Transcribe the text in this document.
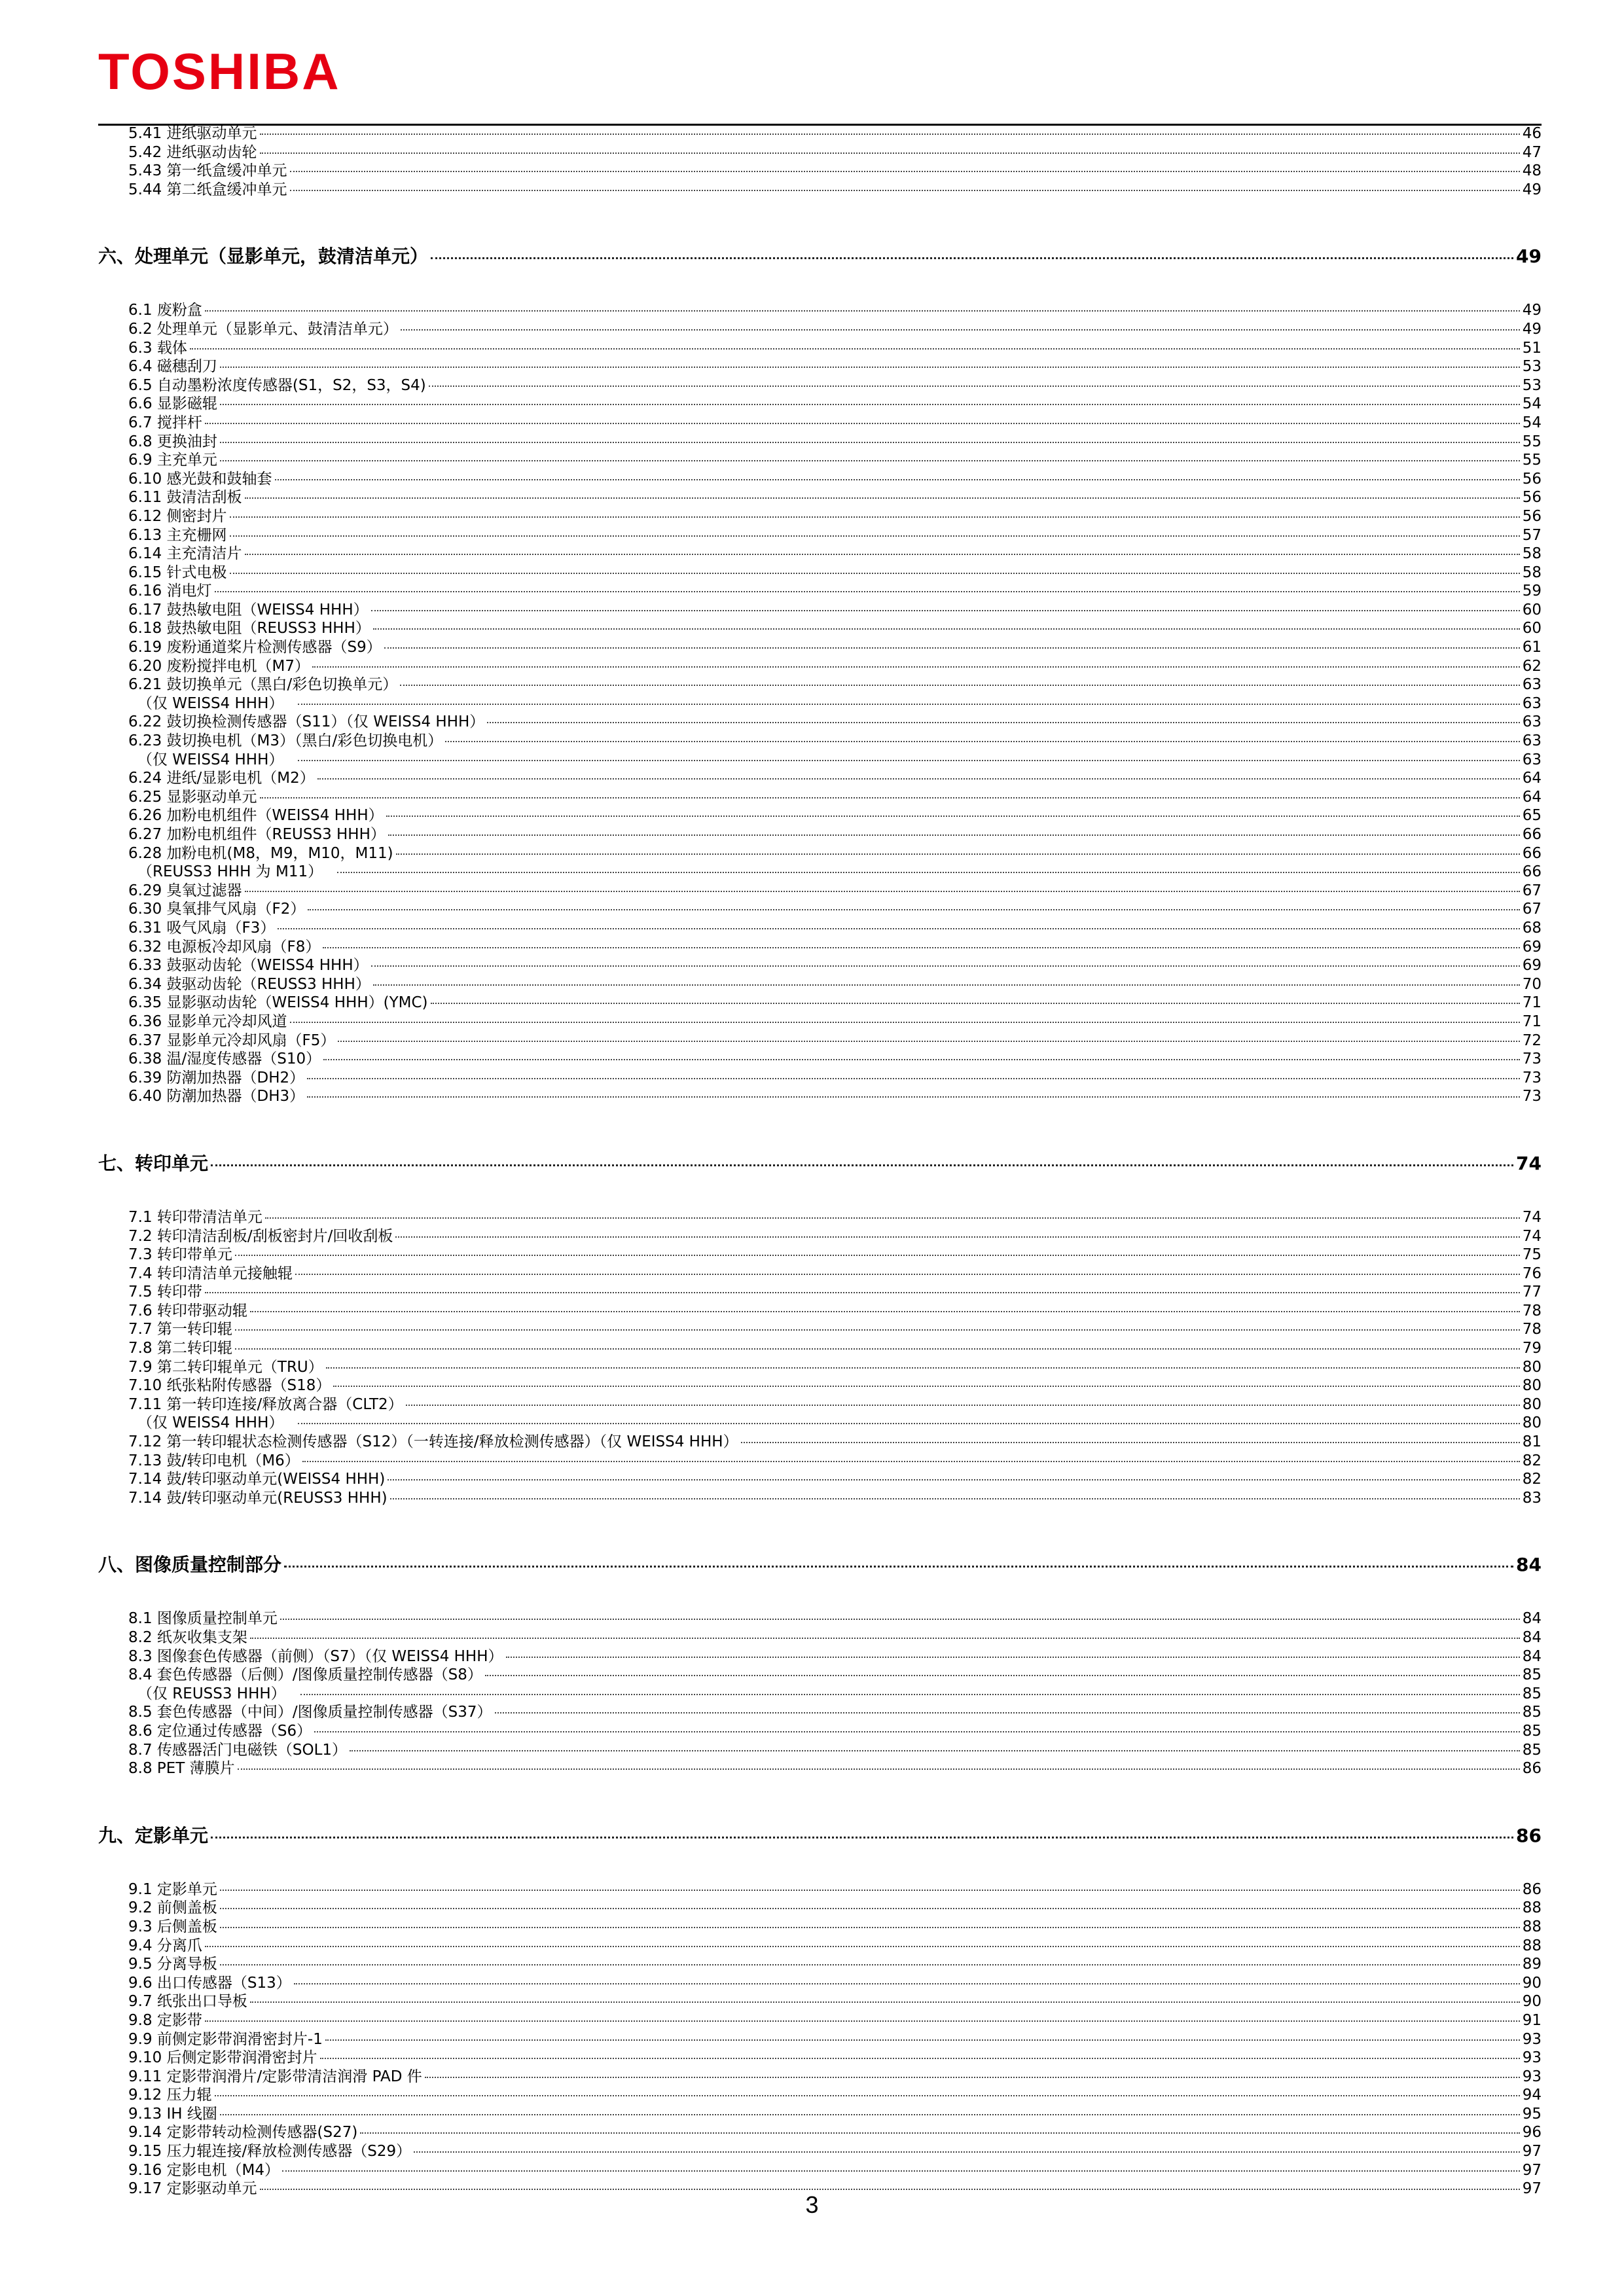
TOSHIBA
5.41 进纸驱动单元	46
5.42 进纸驱动齿轮	47
5.43 第一纸盒缓冲单元	48
5.44 第二纸盒缓冲单元	49
六、处理单元（显影单元，鼓清洁单元）	49
6.1 废粉盒	49
6.2 处理单元（显影单元、鼓清洁单元）	49
6.3 载体	51
6.4 磁穗刮刀	53
6.5 自动墨粉浓度传感器(S1，S2，S3，S4)	53
6.6 显影磁辊	54
6.7 搅拌杆	54
6.8 更换油封	55
6.9 主充单元	55
6.10 感光鼓和鼓轴套	56
6.11 鼓清洁刮板	56
6.12 侧密封片	56
6.13 主充栅网	57
6.14 主充清洁片	58
6.15 针式电极	58
6.16 消电灯	59
6.17 鼓热敏电阻（WEISS4 HHH）	60
6.18 鼓热敏电阻（REUSS3 HHH）	60
6.19 废粉通道桨片检测传感器（S9）	61
6.20 废粉搅拌电机（M7）	62
6.21 鼓切换单元（黑白/彩色切换单元）	63
（仅 WEISS4 HHH）	63
6.22 鼓切换检测传感器（S11）（仅 WEISS4 HHH）	63
6.23 鼓切换电机（M3）（黑白/彩色切换电机）	63
（仅 WEISS4 HHH）	63
6.24 进纸/显影电机（M2）	64
6.25 显影驱动单元	64
6.26 加粉电机组件（WEISS4 HHH）	65
6.27 加粉电机组件（REUSS3 HHH）	66
6.28 加粉电机(M8，M9，M10，M11)	66
（REUSS3 HHH 为 M11）	66
6.29 臭氧过滤器	67
6.30 臭氧排气风扇（F2）	67
6.31 吸气风扇（F3）	68
6.32 电源板冷却风扇（F8）	69
6.33 鼓驱动齿轮（WEISS4 HHH）	69
6.34 鼓驱动齿轮（REUSS3 HHH）	70
6.35 显影驱动齿轮（WEISS4 HHH）(YMC)	71
6.36 显影单元冷却风道	71
6.37 显影单元冷却风扇（F5）	72
6.38 温/湿度传感器（S10）	73
6.39 防潮加热器（DH2）	73
6.40 防潮加热器（DH3）	73
七、转印单元	74
7.1 转印带清洁单元	74
7.2 转印清洁刮板/刮板密封片/回收刮板	74
7.3 转印带单元	75
7.4 转印清洁单元接触辊	76
7.5 转印带	77
7.6 转印带驱动辊	78
7.7 第一转印辊	78
7.8 第二转印辊	79
7.9 第二转印辊单元（TRU）	80
7.10 纸张粘附传感器（S18）	80
7.11 第一转印连接/释放离合器（CLT2）	80
（仅 WEISS4 HHH）	80
7.12 第一转印辊状态检测传感器（S12）（一转连接/释放检测传感器）（仅 WEISS4 HHH）	81
7.13 鼓/转印电机（M6）	82
7.14 鼓/转印驱动单元(WEISS4 HHH)	82
7.14 鼓/转印驱动单元(REUSS3 HHH)	83
八、图像质量控制部分	84
8.1 图像质量控制单元	84
8.2 纸灰收集支架	84
8.3 图像套色传感器（前侧）（S7）（仅 WEISS4 HHH）	84
8.4 套色传感器（后侧）/图像质量控制传感器（S8）	85
（仅 REUSS3 HHH）	85
8.5 套色传感器（中间）/图像质量控制传感器（S37）	85
8.6 定位通过传感器（S6）	85
8.7 传感器活门电磁铁（SOL1）	85
8.8 PET 薄膜片	86
九、定影单元	86
9.1 定影单元	86
9.2 前侧盖板	88
9.3 后侧盖板	88
9.4 分离爪	88
9.5 分离导板	89
9.6 出口传感器（S13）	90
9.7 纸张出口导板	90
9.8 定影带	91
9.9 前侧定影带润滑密封片-1	93
9.10 后侧定影带润滑密封片	93
9.11 定影带润滑片/定影带清洁润滑 PAD 件	93
9.12 压力辊	94
9.13 IH 线圈	95
9.14 定影带转动检测传感器(S27)	96
9.15 压力辊连接/释放检测传感器（S29）	97
9.16 定影电机（M4）	97
9.17 定影驱动单元	97
3
